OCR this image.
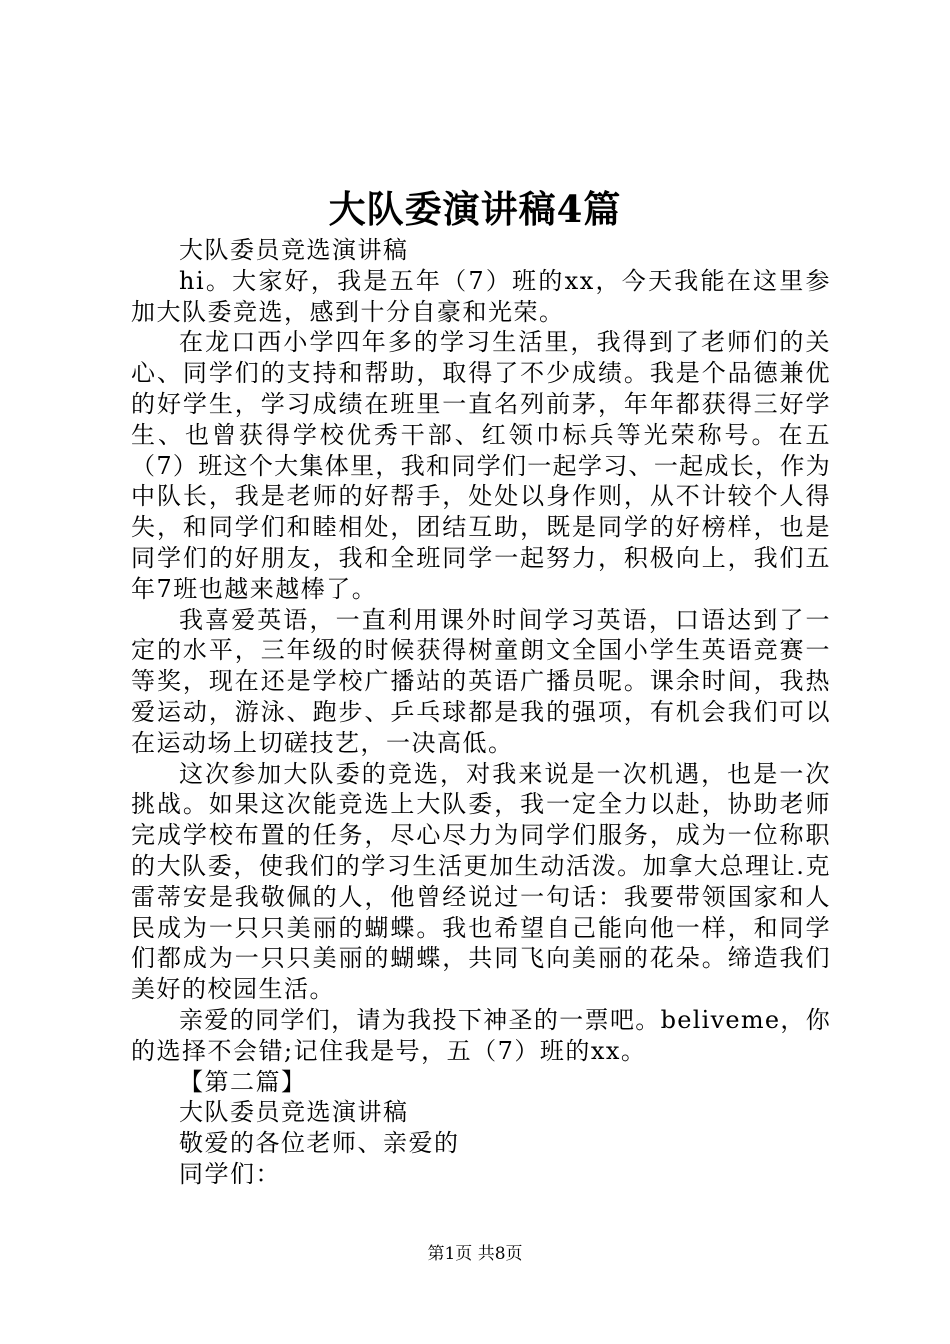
大队委演讲稿4篇
大队委员竞选演讲稿
hi。大家好，我是五年（7）班的xx，今天我能在这里参
加大队委竞选，感到十分自豪和光荣。
在龙口西小学四年多的学习生活里，我得到了老师们的关
心、同学们的支持和帮助，取得了不少成绩。我是个品德兼优
的好学生，学习成绩在班里一直名列前茅，年年都获得三好学
生、也曾获得学校优秀干部、红领巾标兵等光荣称号。在五
（7）班这个大集体里，我和同学们一起学习、一起成长，作为
中队长，我是老师的好帮手，处处以身作则，从不计较个人得
失，和同学们和睦相处，团结互助，既是同学的好榜样，也是
同学们的好朋友，我和全班同学一起努力，积极向上，我们五
年7班也越来越棒了。
我喜爱英语，一直利用课外时间学习英语，口语达到了一
定的水平，三年级的时候获得树童朗文全国小学生英语竞赛一
等奖，现在还是学校广播站的英语广播员呢。课余时间，我热
爱运动，游泳、跑步、乒乓球都是我的强项，有机会我们可以
在运动场上切磋技艺，一决高低。
这次参加大队委的竞选，对我来说是一次机遇，也是一次
挑战。如果这次能竞选上大队委，我一定全力以赴，协助老师
完成学校布置的任务，尽心尽力为同学们服务，成为一位称职
的大队委，使我们的学习生活更加生动活泼。加拿大总理让.克
雷蒂安是我敬佩的人，他曾经说过一句话：我要带领国家和人
民成为一只只美丽的蝴蝶。我也希望自己能向他一样，和同学
们都成为一只只美丽的蝴蝶，共同飞向美丽的花朵。缔造我们
美好的校园生活。
亲爱的同学们，请为我投下神圣的一票吧。beliveme，你
的选择不会错;记住我是号，五（7）班的xx。
【第二篇】
大队委员竞选演讲稿
敬爱的各位老师、亲爱的
同学们：
第1页 共8页
